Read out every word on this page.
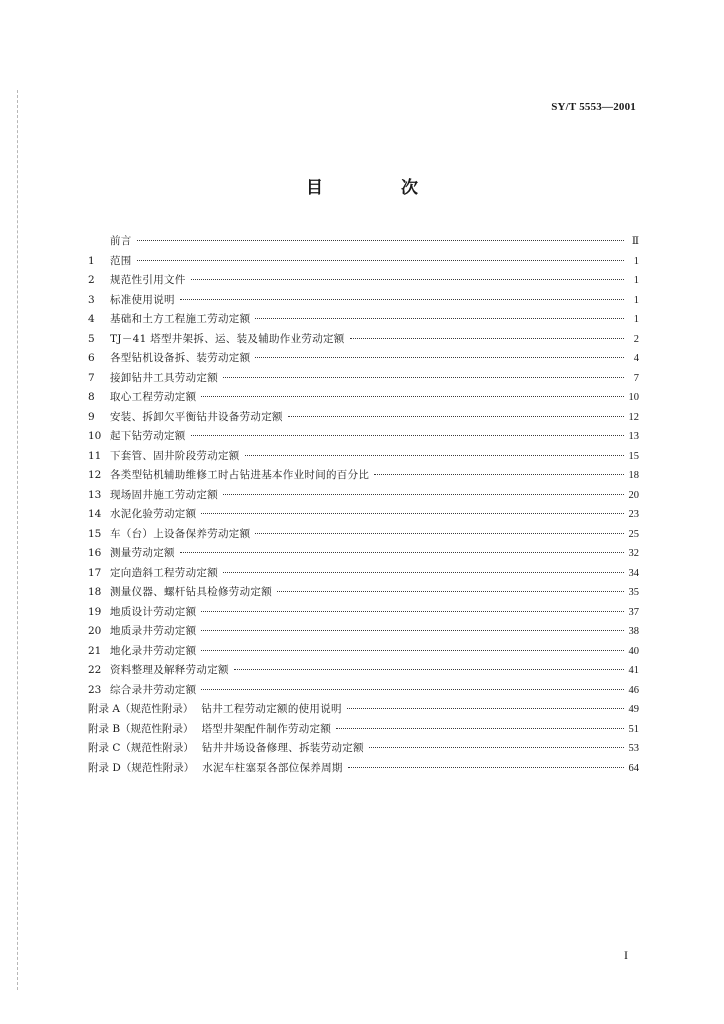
SY/T 5553—2001
目 次
前言	Ⅱ
1	范围	1
2	规范性引用文件	1
3	标准使用说明	1
4	基础和土方工程施工劳动定额	1
5	TJ－41 塔型井架拆、运、装及辅助作业劳动定额	2
6	各型钻机设备拆、装劳动定额	4
7	接卸钻井工具劳动定额	7
8	取心工程劳动定额	10
9	安装、拆卸欠平衡钻井设备劳动定额	12
10 起下钻劳动定额	13
11 下套管、固井阶段劳动定额	15
12 各类型钻机辅助维修工时占钻进基本作业时间的百分比	18
13 现场固井施工劳动定额	20
14 水泥化验劳动定额	23
15 车（台）上设备保养劳动定额	25
16 测量劳动定额	32
17 定向造斜工程劳动定额	34
18 测量仪器、螺杆钻具检修劳动定额	35
19 地质设计劳动定额	37
20 地质录井劳动定额	38
21 地化录井劳动定额	40
22 资料整理及解释劳动定额	41
23 综合录井劳动定额	46
附录 A（规范性附录） 钻井工程劳动定额的使用说明	49
附录 B（规范性附录） 塔型井架配件制作劳动定额	51
附录 C（规范性附录） 钻井井场设备修理、拆装劳动定额	53
附录 D（规范性附录） 水泥车柱塞泵各部位保养周期	64
I
